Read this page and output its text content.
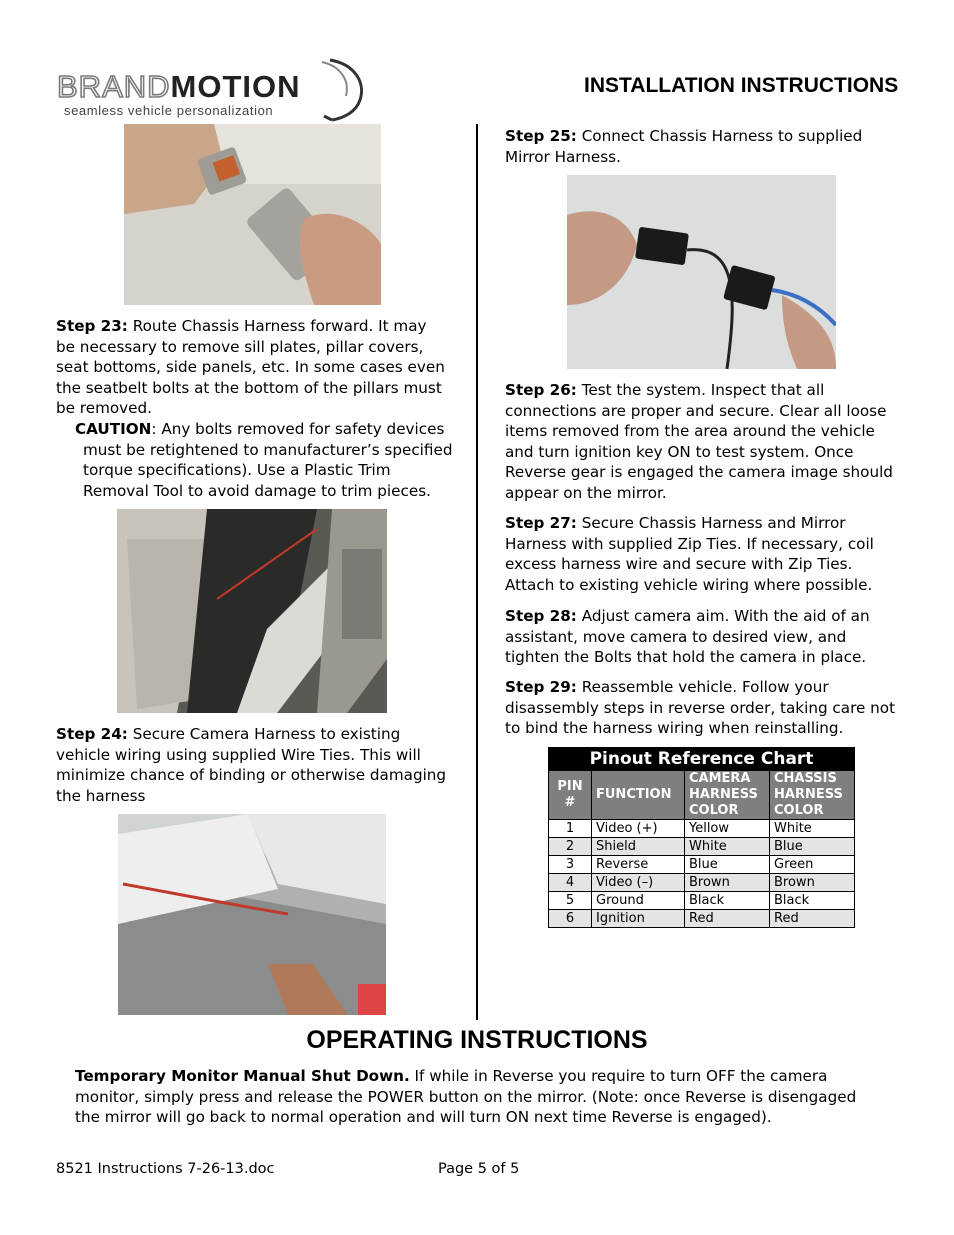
BRANDMOTION
seamless vehicle personalization
INSTALLATION INSTRUCTIONS
Step 23: Route Chassis Harness forward. It may
be necessary to remove sill plates, pillar covers,
seat bottoms, side panels, etc. In some cases even
the seatbelt bolts at the bottom of the pillars must
be removed.
CAUTION: Any bolts removed for safety devices
must be retightened to manufacturer’s specified
torque specifications). Use a Plastic Trim
Removal Tool to avoid damage to trim pieces.
Step 24: Secure Camera Harness to existing
vehicle wiring using supplied Wire Ties. This will
minimize chance of binding or otherwise damaging
the harness
Step 25: Connect Chassis Harness to supplied
Mirror Harness.
Step 26: Test the system. Inspect that all
connections are proper and secure. Clear all loose
items removed from the area around the vehicle
and turn ignition key ON to test system. Once
Reverse gear is engaged the camera image should
appear on the mirror.
Step 27: Secure Chassis Harness and Mirror
Harness with supplied Zip Ties. If necessary, coil
excess harness wire and secure with Zip Ties.
Attach to existing vehicle wiring where possible.
Step 28: Adjust camera aim. With the aid of an
assistant, move camera to desired view, and
tighten the Bolts that hold the camera in place.
Step 29: Reassemble vehicle. Follow your
disassembly steps in reverse order, taking care not
to bind the harness wiring when reinstalling.
Pinout Reference Chart			
PIN #	FUNCTION	CAMERA HARNESS COLOR	CHASSIS HARNESS COLOR
1	Video (+)	Yellow	White
2	Shield	White	Blue
3	Reverse	Blue	Green
4	Video (–)	Brown	Brown
5	Ground	Black	Black
6	Ignition	Red	Red
OPERATING INSTRUCTIONS
Temporary Monitor Manual Shut Down. If while in Reverse you require to turn OFF the camera
monitor, simply press and release the POWER button on the mirror. (Note: once Reverse is disengaged
the mirror will go back to normal operation and will turn ON next time Reverse is engaged).
8521 Instructions 7-26-13.doc	Page 5 of 5
